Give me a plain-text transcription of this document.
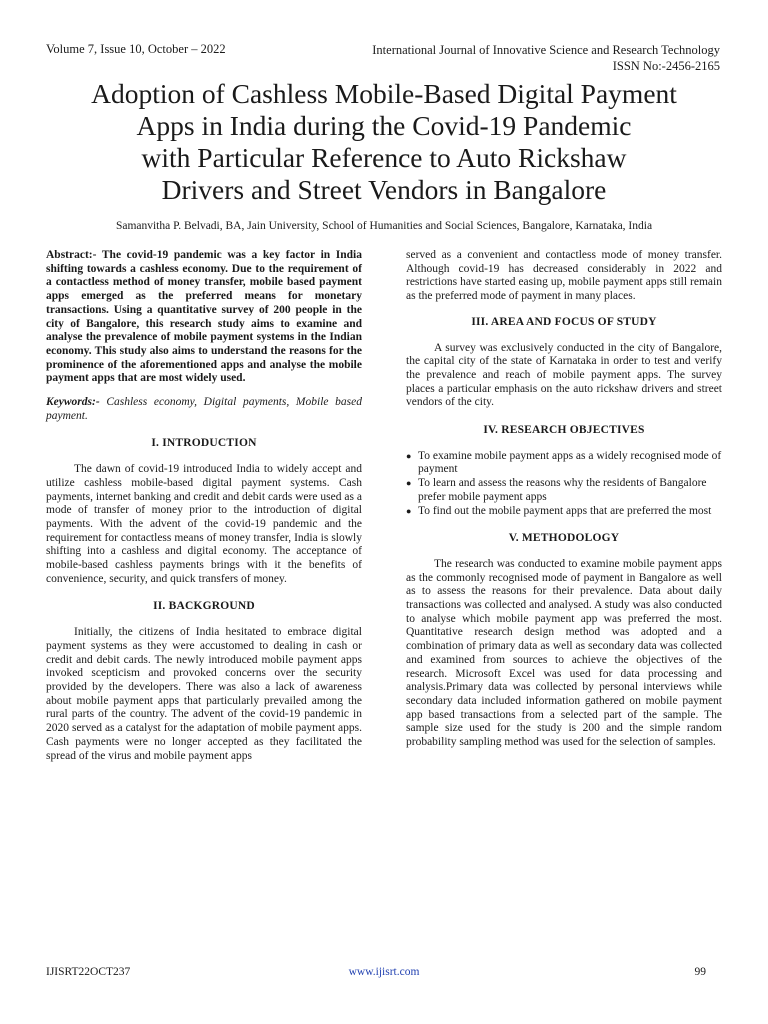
Volume 7, Issue 10, October – 2022	International Journal of Innovative Science and Research Technology
ISSN No:-2456-2165
Adoption of Cashless Mobile-Based Digital Payment
Apps in India during the Covid-19 Pandemic
with Particular Reference to Auto Rickshaw
Drivers and Street Vendors in Bangalore
Samanvitha P. Belvadi, BA, Jain University, School of Humanities and Social Sciences, Bangalore, Karnataka, India

Abstract:- The covid-19 pandemic was a key factor in India shifting towards a cashless economy. Due to the requirement of a contactless method of money transfer, mobile based payment apps emerged as the preferred means for monetary transactions. Using a quantitative survey of 200 people in the city of Bangalore, this research study aims to examine and analyse the prevalence of mobile payment systems in the Indian economy. This study also aims to understand the reasons for the prominence of the aforementioned apps and analyse the mobile payment apps that are most widely used.

Keywords:- Cashless economy, Digital payments, Mobile based payment.

I. INTRODUCTION

The dawn of covid-19 introduced India to widely accept and utilize cashless mobile-based digital payment systems. Cash payments, internet banking and credit and debit cards were used as a mode of transfer of money prior to the introduction of digital payments. With the advent of the covid-19 pandemic and the requirement for contactless means of money transfer, India is slowly shifting into a cashless and digital economy. The acceptance of mobile-based cashless payments brings with it the benefits of convenience, security, and quick transfers of money.

II. BACKGROUND

Initially, the citizens of India hesitated to embrace digital payment systems as they were accustomed to dealing in cash or credit and debit cards. The newly introduced mobile payment apps invoked scepticism and provoked concerns over the security provided by the developers. There was also a lack of awareness about mobile payment apps that particularly prevailed among the rural parts of the country. The advent of the covid-19 pandemic in 2020 served as a catalyst for the adaptation of mobile payment apps. Cash payments were no longer accepted as they facilitated the spread of the virus and mobile payment apps

served as a convenient and contactless mode of money transfer. Although covid-19 has decreased considerably in 2022 and restrictions have started easing up, mobile payment apps still remain as the preferred mode of payment in many places.

III. AREA AND FOCUS OF STUDY

A survey was exclusively conducted in the city of Bangalore, the capital city of the state of Karnataka in order to test and verify the prevalence and reach of mobile payment apps. The survey places a particular emphasis on the auto rickshaw drivers and street vendors of the city.

IV. RESEARCH OBJECTIVES
● To examine mobile payment apps as a widely recognised mode of payment
● To learn and assess the reasons why the residents of Bangalore prefer mobile payment apps
● To find out the mobile payment apps that are preferred the most
V. METHODOLOGY

The research was conducted to examine mobile payment apps as the commonly recognised mode of payment in Bangalore as well as to assess the reasons for their prevalence. Data about daily transactions was collected and analysed. A study was also conducted to analyse which mobile payment app was preferred the most. Quantitative research design method was adopted and a combination of primary data as well as secondary data was collected and examined from sources to achieve the objectives of the research. Microsoft Excel was used for data processing and analysis.Primary data was collected by personal interviews while secondary data included information gathered on mobile payment app based transactions from a selected part of the sample. The sample size used for the study is 200 and the simple random probability sampling method was used for the selection of samples.

IJISRT22OCT237	www.ijisrt.com	99
